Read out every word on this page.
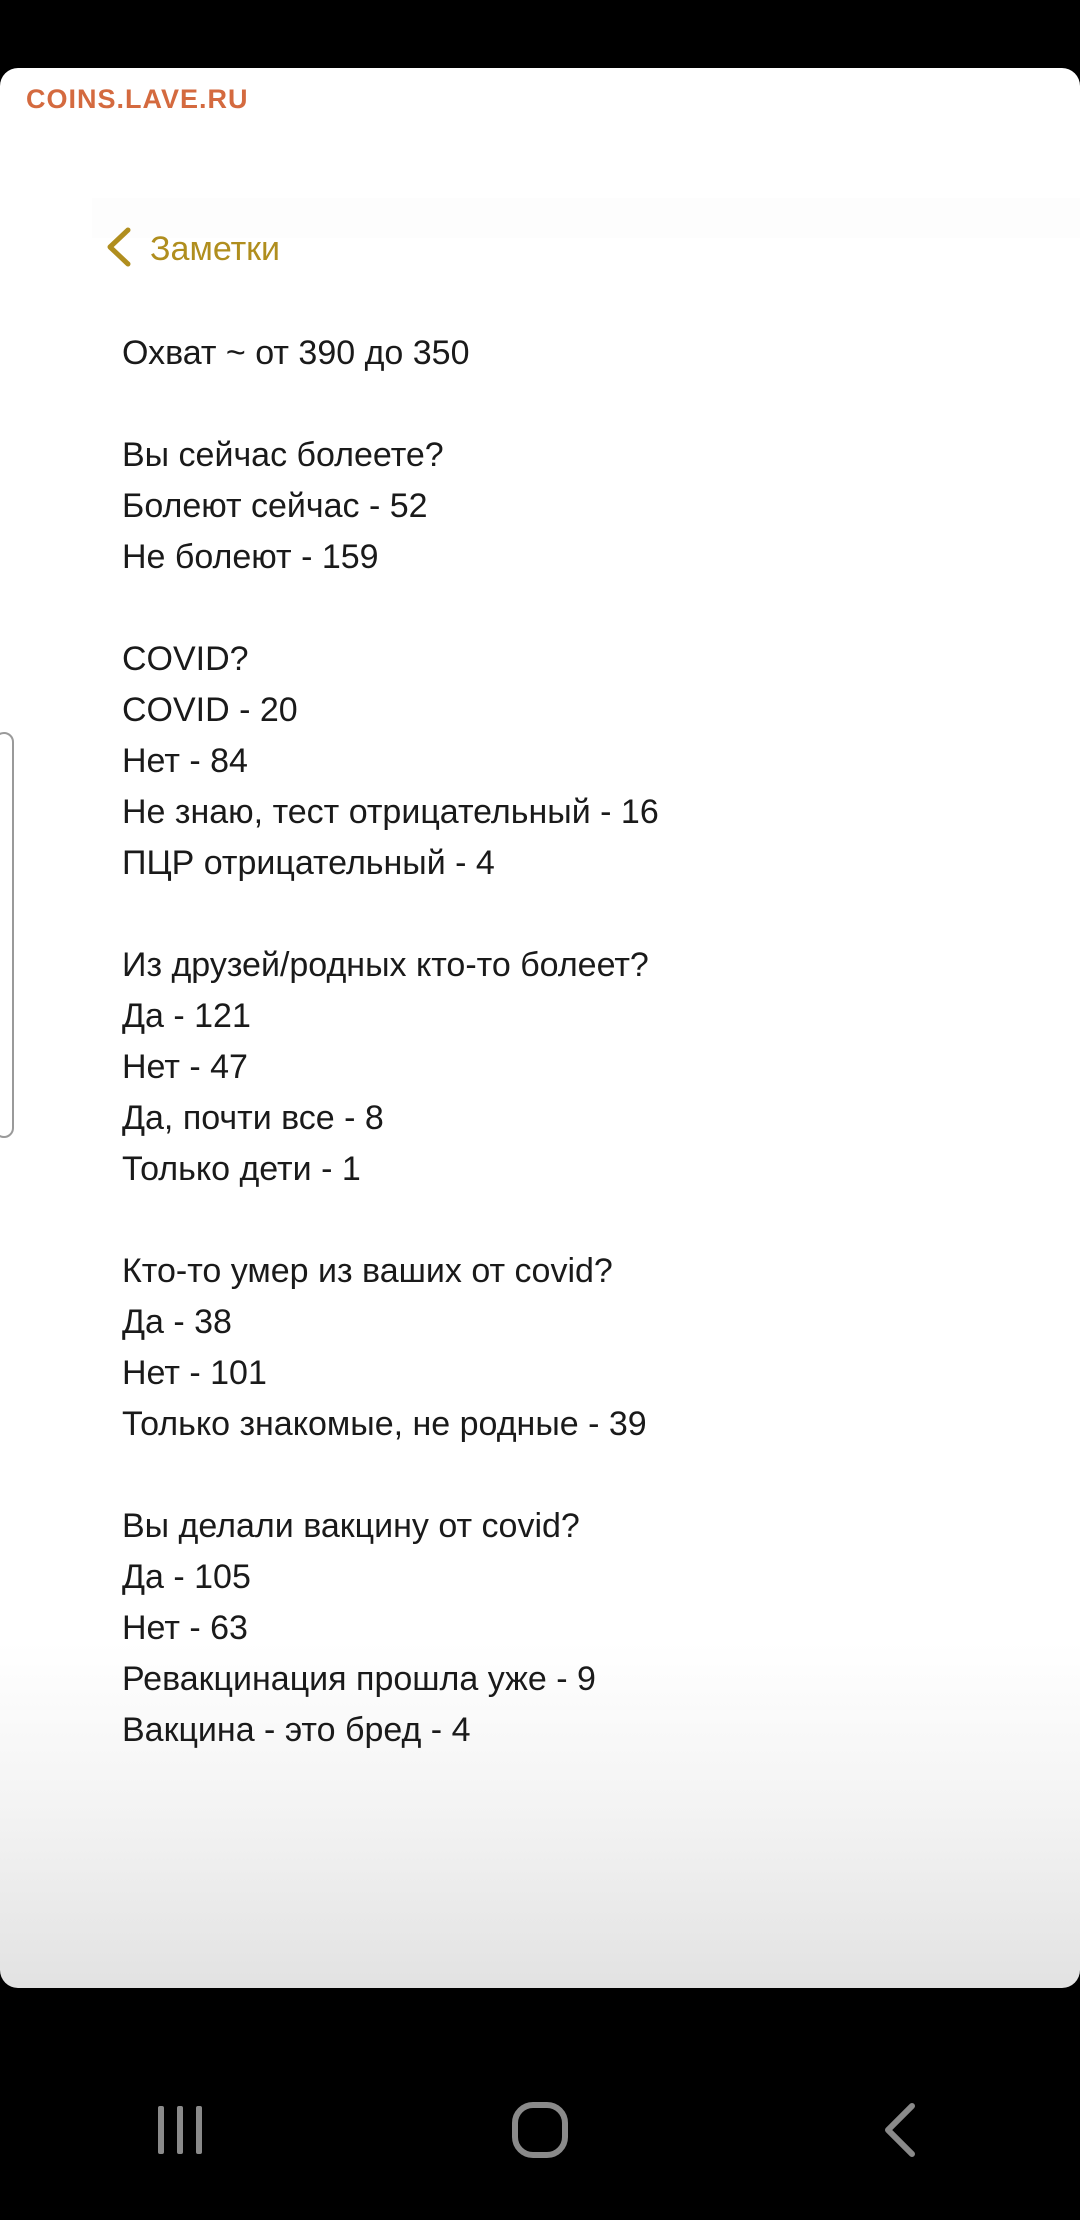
COINS.LAVE.RU
Заметки
Охват ~ от 390 до 350
Вы сейчас болеете?
Болеют сейчас - 52
Не болеют - 159
COVID?
COVID - 20
Нет - 84
Не знаю, тест отрицательный - 16
ПЦР отрицательный - 4
Из друзей/родных кто-то болеет?
Да - 121
Нет - 47
Да, почти все - 8
Только дети - 1
Кто-то умер из ваших от covid?
Да - 38
Нет - 101
Только знакомые, не родные - 39
Вы делали вакцину от covid?
Да - 105
Нет - 63
Ревакцинация прошла уже - 9
Вакцина - это бред - 4
